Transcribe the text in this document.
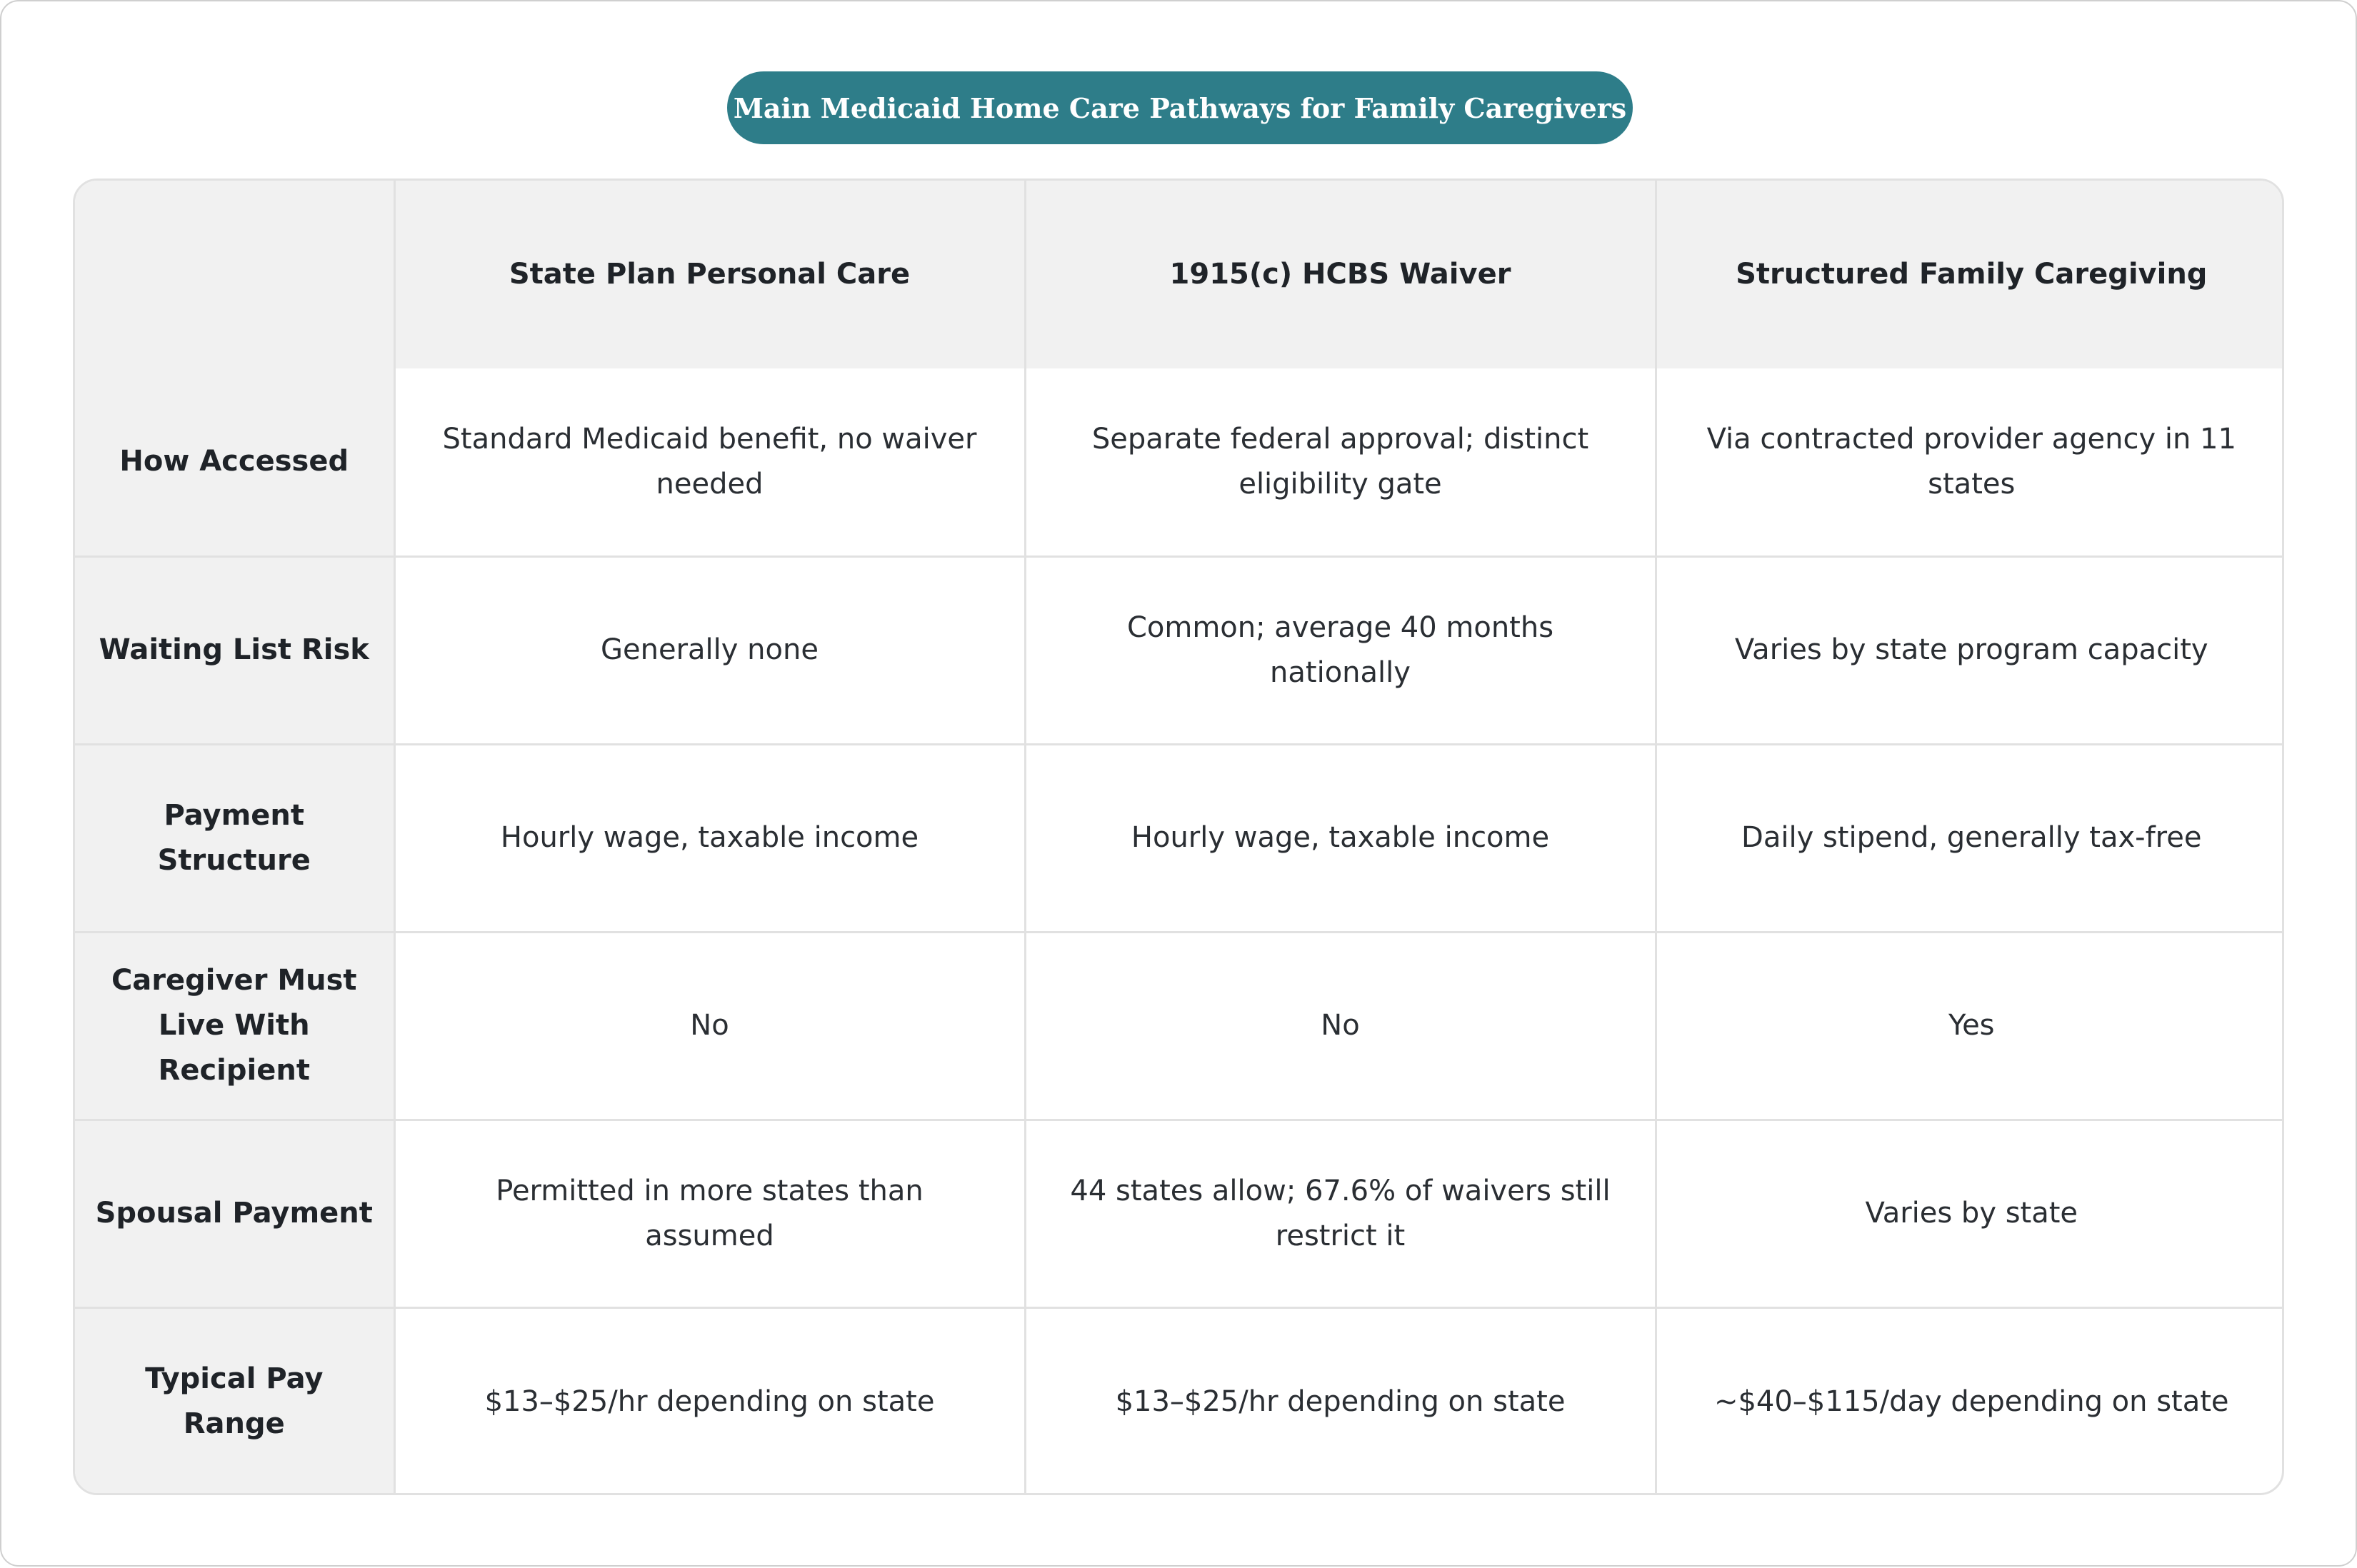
Main Medicaid Home Care Pathways for Family Caregivers
	State Plan Personal Care	1915(c) HCBS Waiver	Structured Family Caregiving
How Accessed	Standard Medicaid benefit, no waiver needed	Separate federal approval; distinct eligibility gate	Via contracted provider agency in 11 states
Waiting List Risk	Generally none	Common; average 40 months nationally	Varies by state program capacity
Payment Structure	Hourly wage, taxable income	Hourly wage, taxable income	Daily stipend, generally tax-free
Caregiver Must Live With Recipient	No	No	Yes
Spousal Payment	Permitted in more states than assumed	44 states allow; 67.6% of waivers still restrict it	Varies by state
Typical Pay Range	$13–$25/hr depending on state	$13–$25/hr depending on state	~$40–$115/day depending on state
